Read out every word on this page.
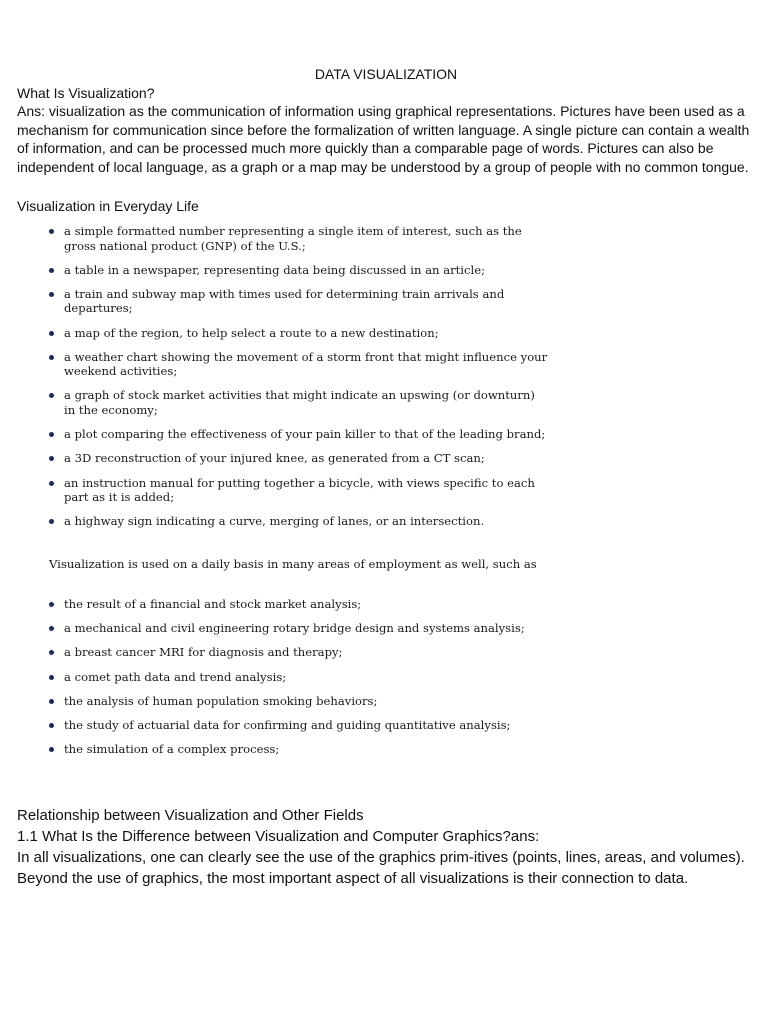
DATA VISUALIZATION
What Is Visualization?
Ans: visualization as the communication of information using graphical representations. Pictures have been used as a mechanism for communication since before the formalization of written language. A single picture can contain a wealth of information, and can be processed much more quickly than a comparable page of words. Pictures can also be independent of local language, as a graph or a map may be understood by a group of people with no common tongue.
Visualization in Everyday Life
a simple formatted number representing a single item of interest, such as the gross national product (GNP) of the U.S.;
a table in a newspaper, representing data being discussed in an article;
a train and subway map with times used for determining train arrivals and departures;
a map of the region, to help select a route to a new destination;
a weather chart showing the movement of a storm front that might influence your weekend activities;
a graph of stock market activities that might indicate an upswing (or downturn) in the economy;
a plot comparing the effectiveness of your pain killer to that of the leading brand;
a 3D reconstruction of your injured knee, as generated from a CT scan;
an instruction manual for putting together a bicycle, with views specific to each part as it is added;
a highway sign indicating a curve, merging of lanes, or an intersection.
Visualization is used on a daily basis in many areas of employment as well, such as
the result of a financial and stock market analysis;
a mechanical and civil engineering rotary bridge design and systems analysis;
a breast cancer MRI for diagnosis and therapy;
a comet path data and trend analysis;
the analysis of human population smoking behaviors;
the study of actuarial data for confirming and guiding quantitative analysis;
the simulation of a complex process;
Relationship between Visualization and Other Fields
1.1 What Is the Difference between Visualization and Computer Graphics?ans:
In all visualizations, one can clearly see the use of the graphics prim-itives (points, lines, areas, and volumes). Beyond the use of graphics, the most important aspect of all visualizations is their connection to data.
